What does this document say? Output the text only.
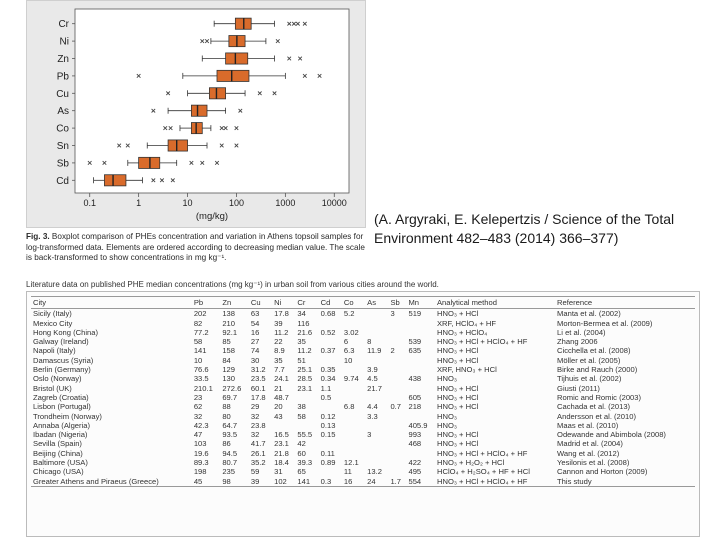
Cr
Ni
Zn
Pb
Cu
As
Co
Sn
Sb
Cd
0.1	1	10	100	1000	10000
(mg/kg)
Fig. 3. Boxplot comparison of PHEs concentration and variation in Athens topsoil samples for log-transformed data. Elements are ordered according to decreasing median value. The scale is back-transformed to show concentrations in mg kg⁻¹.
(A. Argyraki, E. Kelepertzis / Science of the Total Environment 482–483 (2014) 366–377)
Literature data on published PHE median concentrations (mg kg⁻¹) in urban soil from various cities around the world.
City	Pb	Zn	Cu	Ni	Cr	Cd	Co	As	Sb	Mn	Analytical method	Reference
Sicily (Italy)	202	138	63	17.8	34	0.68	5.2		3	519	HNO₃ + HCl	Manta et al. (2002)
Mexico City	82	210	54	39	116						XRF, HClO₄ + HF	Morton-Bermea et al. (2009)
Hong Kong (China)	77.2	92.1	16	11.2	21.6	0.52	3.02				HNO₃ + HClO₄	Li et al. (2004)
Galway (Ireland)	58	85	27	22	35		6	8		539	HNO₃ + HCl + HClO₄ + HF	Zhang 2006
Napoli (Italy)	141	158	74	8.9	11.2	0.37	6.3	11.9	2	635	HNO₃ + HCl	Cicchella et al. (2008)
Damascus (Syria)	10	84	30	35	51		10				HNO₃ + HCl	Möller et al. (2005)
Berlin (Germany)	76.6	129	31.2	7.7	25.1	0.35		3.9			XRF, HNO₃ + HCl	Birke and Rauch (2000)
Oslo (Norway)	33.5	130	23.5	24.1	28.5	0.34	9.74	4.5		438	HNO₃	Tijhuis et al. (2002)
Bristol (UK)	210.1	272.6	60.1	21	23.1	1.1		21.7			HNO₃ + HCl	Giusti (2011)
Zagreb (Croatia)	23	69.7	17.8	48.7		0.5				605	HNO₃ + HCl	Romic and Romic (2003)
Lisbon (Portugal)	62	88	29	20	38		6.8	4.4	0.7	218	HNO₃ + HCl	Cachada et al. (2013)
Trondheim (Norway)	32	80	32	43	58	0.12		3.3			HNO₃	Andersson et al. (2010)
Annaba (Algeria)	42.3	64.7	23.8			0.13				405.9	HNO₃	Maas et al. (2010)
Ibadan (Nigeria)	47	93.5	32	16.5	55.5	0.15		3		993	HNO₃ + HCl	Odewande and Abimbola (2008)
Sevilla (Spain)	103	86	41.7	23.1	42					468	HNO₃ + HCl	Madrid et al. (2004)
Beijing (China)	19.6	94.5	26.1	21.8	60	0.11					HNO₃ + HCl + HClO₄ + HF	Wang et al. (2012)
Baltimore (USA)	89.3	80.7	35.2	18.4	39.3	0.89	12.1			422	HNO₃ + H₂O₂ + HCl	Yesilonis et al. (2008)
Chicago (USA)	198	235	59	31	65		11	13.2		495	HClO₄ + H₂SO₄ + HF + HCl	Cannon and Horton (2009)
Greater Athens and Piraeus (Greece)	45	98	39	102	141	0.3	16	24	1.7	554	HNO₃ + HCl + HClO₄ + HF	This study
